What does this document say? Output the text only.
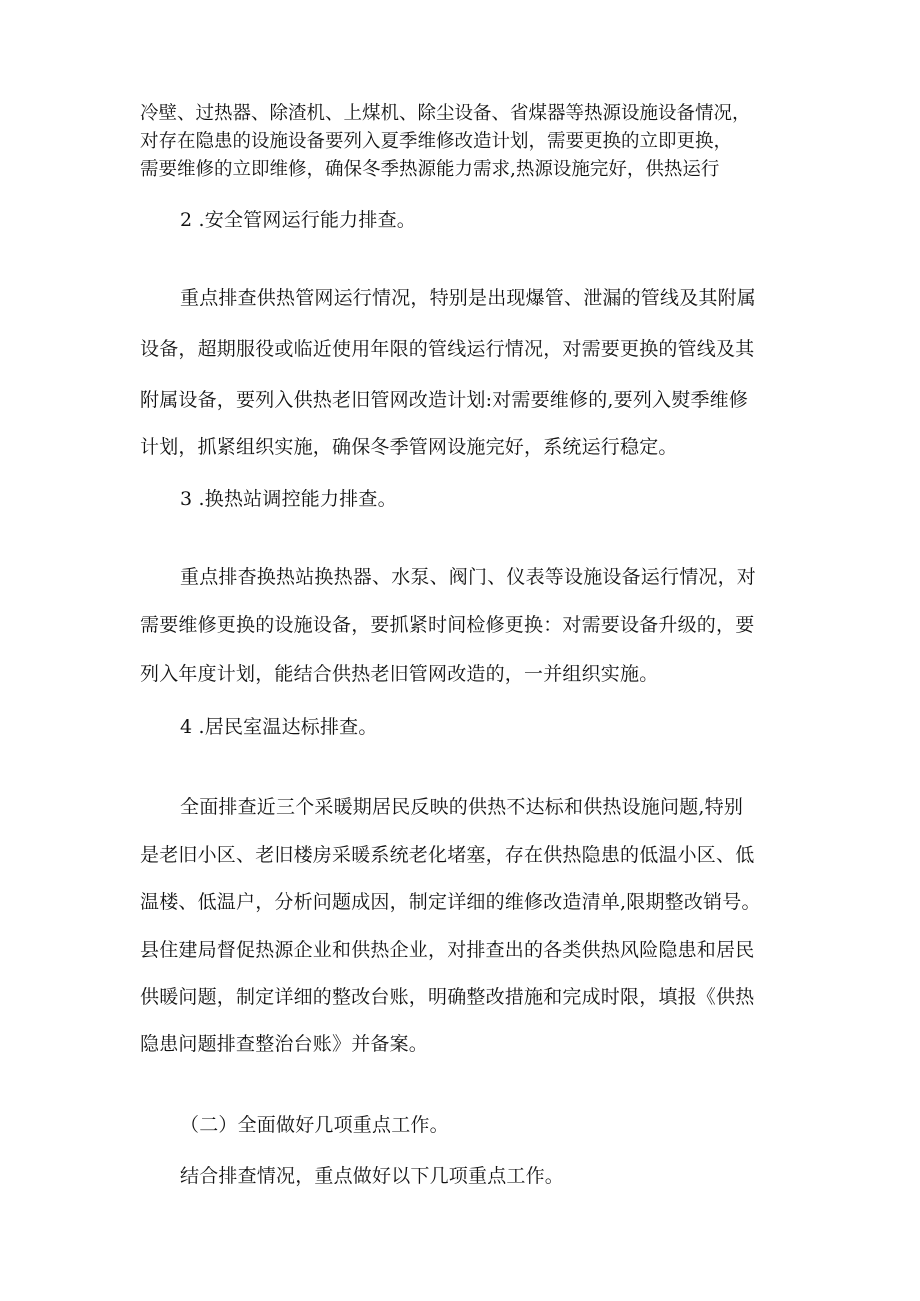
冷壁、过热器、除渣机、上煤机、除尘设备、省煤器等热源设施设备情况，
对存在隐患的设施设备要列入夏季维修改造计划，需要更换的立即更换，
需要维修的立即维修，确保冬季热源能力需求,热源设施完好，供热运行
2 .安全管网运行能力排查。
重点排查供热管网运行情况，特别是出现爆管、泄漏的管线及其附属
设备，超期服役或临近使用年限的管线运行情况，对需要更换的管线及其
附属设备，要列入供热老旧管网改造计划:对需要维修的,要列入熨季维修
计划，抓紧组织实施，确保冬季管网设施完好，系统运行稳定。
3 .换热站调控能力排查。
重点排杳换热站换热器、水泵、阀门、仪表等设施设备运行情况，对
需要维修更换的设施设备，要抓紧时间检修更换：对需要设备升级的，要
列入年度计划，能结合供热老旧管网改造的，一并组织实施。
4 .居民室温达标排查。
全面排查近三个采暖期居民反映的供热不达标和供热设施问题,特别
是老旧小区、老旧楼房采暖系统老化堵塞，存在供热隐患的低温小区、低
温楼、低温户，分析问题成因，制定详细的维修改造清单,限期整改销号。
县住建局督促热源企业和供热企业，对排查出的各类供热风险隐患和居民
供暖问题，制定详细的整改台账，明确整改措施和完成时限，填报《供热
隐患问题排查整治台账》并备案。
（二）全面做好几项重点工作。
结合排查情况，重点做好以下几项重点工作。
